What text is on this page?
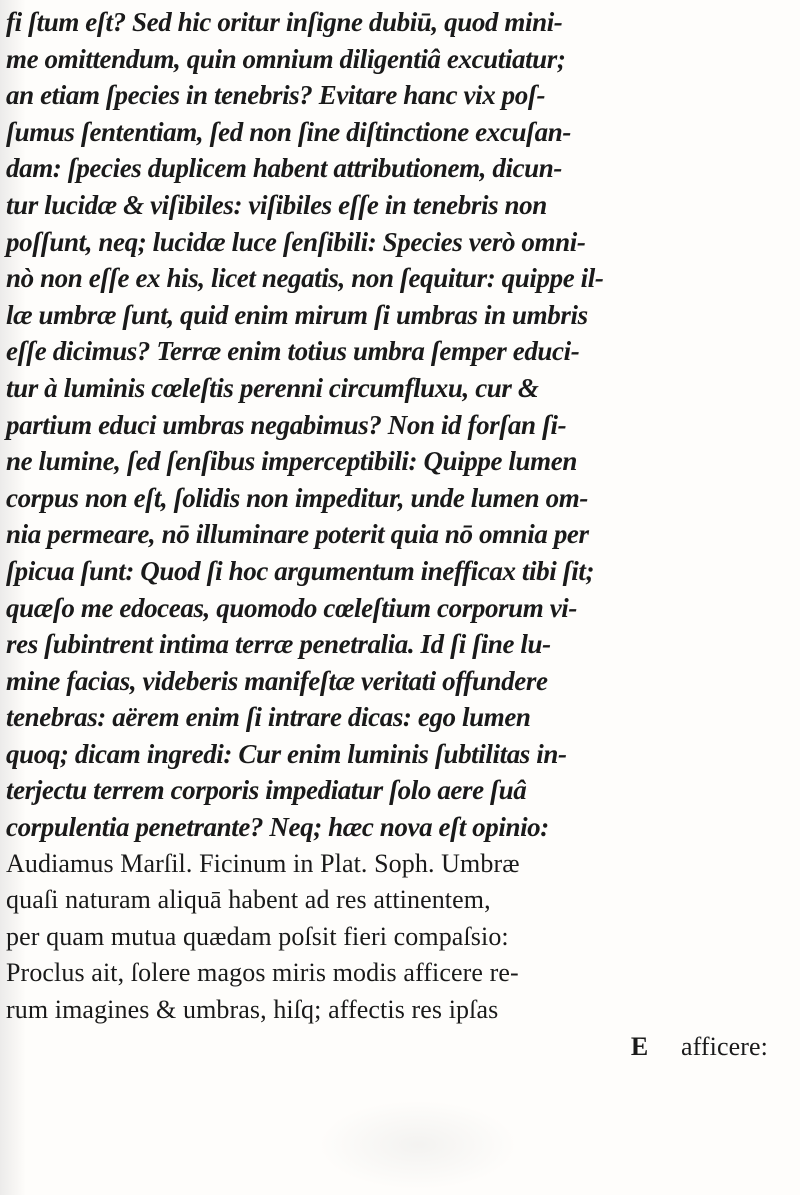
fi ſtum eſt? Sed hic oritur inſigne dubiū, quod mini-
me omittendum, quin omnium diligentiâ excutiatur;
an etiam ſpecies in tenebris? Evitare hanc vix poſ-
ſumus ſententiam, ſed non ſine diſtinctione excuſan-
dam: ſpecies duplicem habent attributionem, dicun-
tur lucidæ & viſibiles: viſibiles eſſe in tenebris non
poſſunt, neq; lucidæ luce ſenſibili: Species verò omni-
nò non eſſe ex his, licet negatis, non ſequitur: quippe il-
læ umbræ ſunt, quid enim mirum ſi umbras in umbris
eſſe dicimus? Terræ enim totius umbra ſemper educi-
tur à luminis cœleſtis perenni circumfluxu, cur &
partium educi umbras negabimus? Non id forſan ſi-
ne lumine, ſed ſenſibus imperceptibili: Quippe lumen
corpus non eſt, ſolidis non impeditur, unde lumen om-
nia permeare, nō illuminare poterit quia nō omnia per
ſpicua ſunt: Quod ſi hoc argumentum inefficax tibi ſit;
quæſo me edoceas, quomodo cœleſtium corporum vi-
res ſubintrent intima terræ penetralia. Id ſi ſine lu-
mine facias, videberis manifeſtæ veritati offundere
tenebras: aërem enim ſi intrare dicas: ego lumen
quoq; dicam ingredi: Cur enim luminis ſubtilitas in-
terjectu terrem corporis impediatur ſolo aere ſuâ
corpulentia penetrante? Neq; hæc nova eſt opinio:
Audiamus Marſil. Ficinum in Plat. Soph. Umbræ
quaſi naturam aliquā habent ad res attinentem,
per quam mutua quædam poſsit fieri compaſsio:
Proclus ait, ſolere magos miris modis afficere re-
rum imagines & umbras, hiſq; affectis res ipſas
E afficere:
